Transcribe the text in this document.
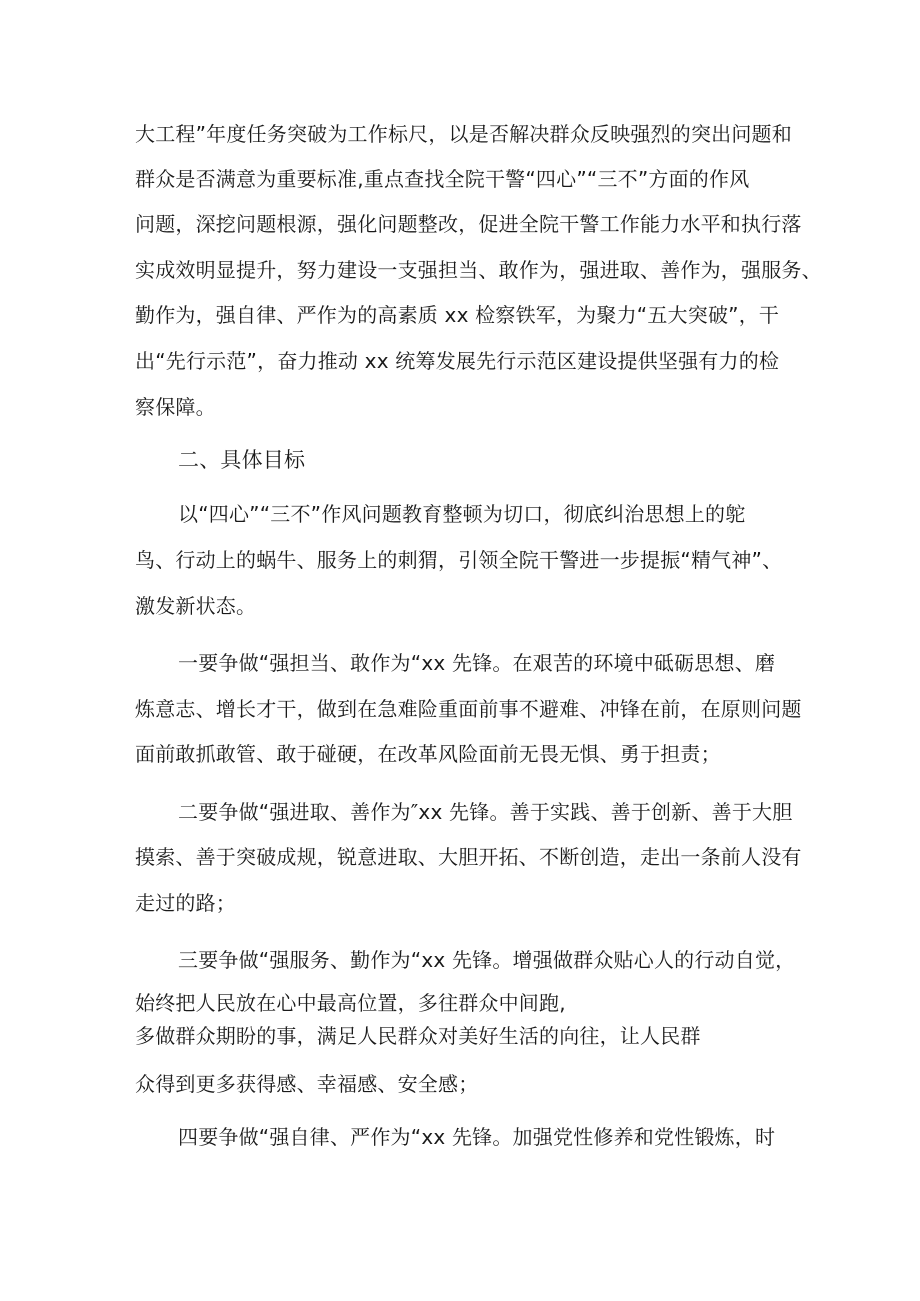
大工程”年度任务突破为工作标尺，以是否解决群众反映强烈的突出问题和
群众是否满意为重要标准,重点查找全院干警“四心”“三不”方面的作风
问题，深挖问题根源，强化问题整改，促进全院干警工作能力水平和执行落
实成效明显提升，努力建设一支强担当、敢作为，强进取、善作为，强服务、
勤作为，强自律、严作为的高素质 xx 检察铁军，为聚力“五大突破”，干
出“先行示范”，奋力推动 xx 统筹发展先行示范区建设提供坚强有力的检
察保障。
二、具体目标
以“四心”“三不”作风问题教育整顿为切口，彻底纠治思想上的鸵
鸟、行动上的蜗牛、服务上的刺猬，引领全院干警进一步提振“精气神”、
激发新状态。
一要争做“强担当、敢作为“xx 先锋。在艰苦的环境中砥砺思想、磨
炼意志、增长才干，做到在急难险重面前事不避难、冲锋在前，在原则问题
面前敢抓敢管、敢于碰硬，在改革风险面前无畏无惧、勇于担责；
二要争做“强进取、善作为″xx 先锋。善于实践、善于创新、善于大胆
摸索、善于突破成规，锐意进取、大胆开拓、不断创造，走出一条前人没有
走过的路；
三要争做“强服务、勤作为“xx 先锋。增强做群众贴心人的行动自觉，
始终把人民放在心中最高位置，多往群众中间跑,
多做群众期盼的事，满足人民群众对美好生活的向往，让人民群
众得到更多获得感、幸福感、安全感；
四要争做“强自律、严作为“xx 先锋。加强党性修养和党性锻炼，时
